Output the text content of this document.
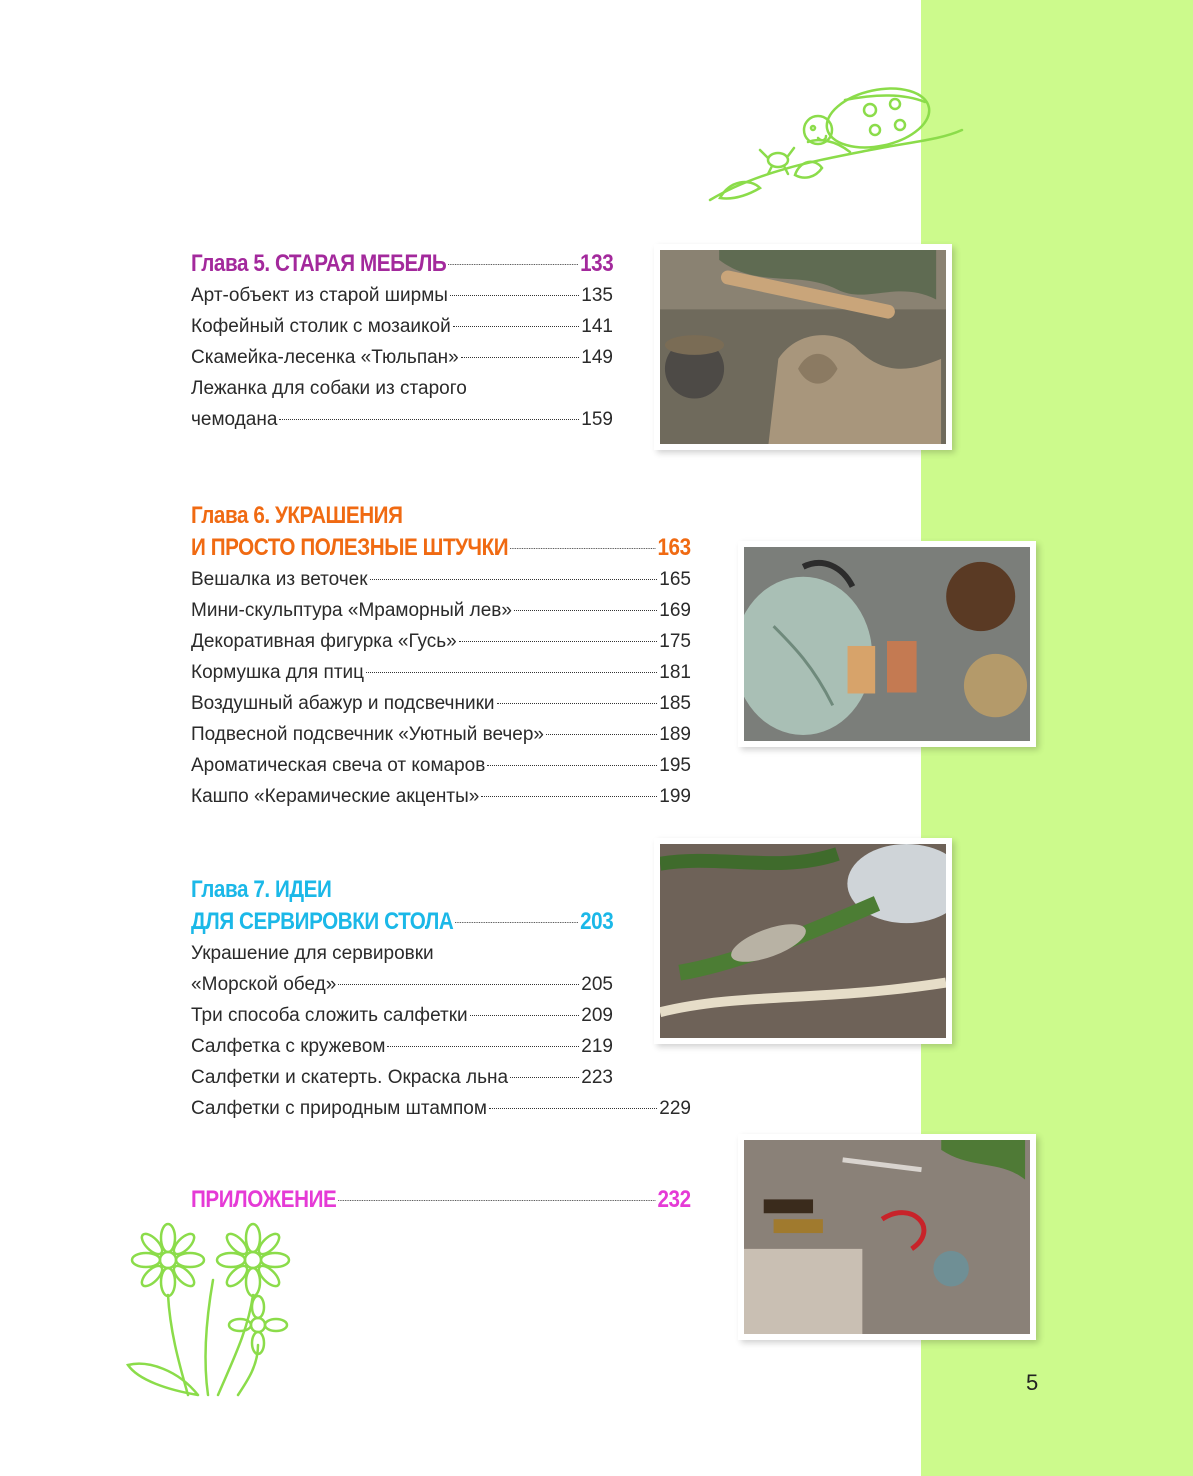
Глава 5. СТАРАЯ МЕБЕЛЬ	133
Арт-объект из старой ширмы	135
Кофейный столик с мозаикой	141
Скамейка-лесенка «Тюльпан»	149
Лежанка для собаки из старого
чемодана	159
Глава 6. УКРАШЕНИЯ
И ПРОСТО ПОЛЕЗНЫЕ ШТУЧКИ	163
Вешалка из веточек	165
Мини-скульптура «Мраморный лев»	169
Декоративная фигурка «Гусь»	175
Кормушка для птиц	181
Воздушный абажур и подсвечники	185
Подвесной подсвечник «Уютный вечер»	189
Ароматическая свеча от комаров	195
Кашпо «Керамические акценты»	199
Глава 7. ИДЕИ
ДЛЯ СЕРВИРОВКИ СТОЛА	203
Украшение для сервировки
«Морской обед»	205
Три способа сложить салфетки	209
Салфетка с кружевом	219
Салфетки и скатерть. Окраска льна	223
Салфетки с природным штампом	229
ПРИЛОЖЕНИЕ	232
5
